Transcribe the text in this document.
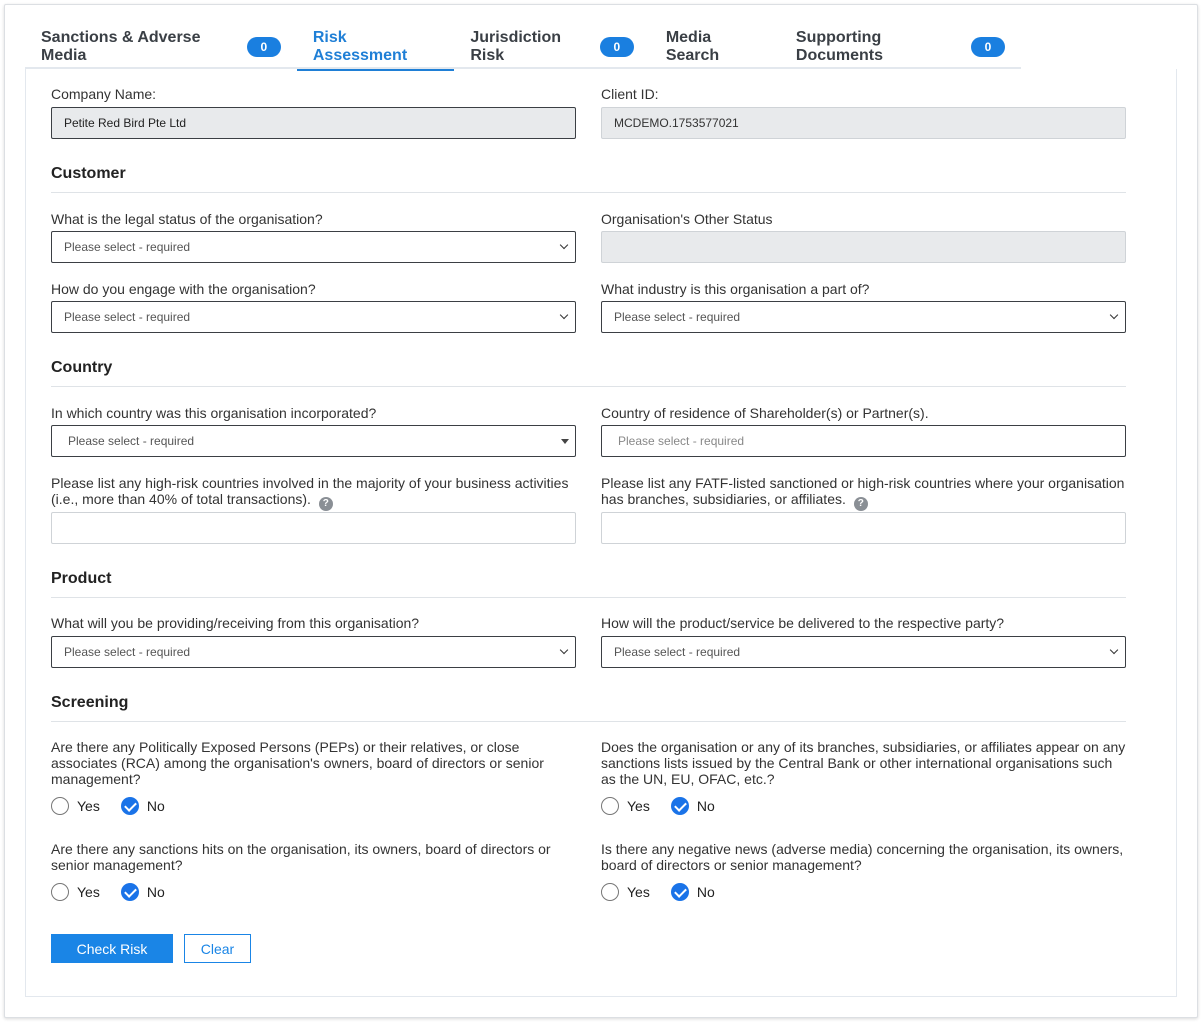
Sanctions & Adverse Media	0
Risk Assessment
Jurisdiction Risk	0
Media Search
Supporting Documents	0
Company Name:
Petite Red Bird Pte Ltd
Client ID:
MCDEMO.1753577021
Customer
What is the legal status of the organisation?
Please select - required
Organisation's Other Status
How do you engage with the organisation?
Please select - required
What industry is this organisation a part of?
Please select - required
Country
In which country was this organisation incorporated?
Please select - required
Country of residence of Shareholder(s) or Partner(s).
Please select - required
Please list any high-risk countries involved in the majority of your business activities
(i.e., more than 40% of total transactions). ?
Please list any FATF-listed sanctioned or high-risk countries where your organisation
has branches, subsidiaries, or affiliates. ?
Product
What will you be providing/receiving from this organisation?
Please select - required
How will the product/service be delivered to the respective party?
Please select - required
Screening
Are there any Politically Exposed Persons (PEPs) or their relatives, or close
associates (RCA) among the organisation's owners, board of directors or senior
management?
Yes	No
Does the organisation or any of its branches, subsidiaries, or affiliates appear on any
sanctions lists issued by the Central Bank or other international organisations such
as the UN, EU, OFAC, etc.?
Yes	No
Are there any sanctions hits on the organisation, its owners, board of directors or
senior management?
Yes	No
Is there any negative news (adverse media) concerning the organisation, its owners,
board of directors or senior management?
Yes	No
Check Risk	Clear
